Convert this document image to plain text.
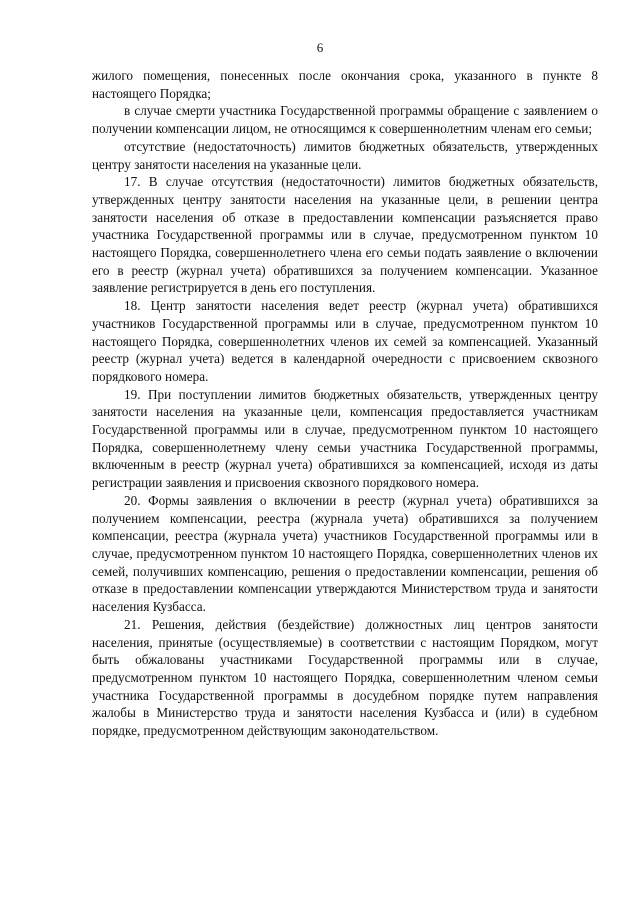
6

жилого помещения, понесенных после окончания срока, указанного в пункте 8 настоящего Порядка;

в случае смерти участника Государственной программы обращение с заявлением о получении компенсации лицом, не относящимся к совершеннолетним членам его семьи;

отсутствие (недостаточность) лимитов бюджетных обязательств, утвержденных центру занятости населения на указанные цели.

17. В случае отсутствия (недостаточности) лимитов бюджетных обязательств, утвержденных центру занятости населения на указанные цели, в решении центра занятости населения об отказе в предоставлении компенсации разъясняется право участника Государственной программы или в случае, предусмотренном пунктом 10 настоящего Порядка, совершеннолетнего члена его семьи подать заявление о включении его в реестр (журнал учета) обратившихся за получением компенсации. Указанное заявление регистрируется в день его поступления.

18. Центр занятости населения ведет реестр (журнал учета) обратившихся участников Государственной программы или в случае, предусмотренном пунктом 10 настоящего Порядка, совершеннолетних членов их семей за компенсацией. Указанный реестр (журнал учета) ведется в календарной очередности с присвоением сквозного порядкового номера.

19. При поступлении лимитов бюджетных обязательств, утвержденных центру занятости населения на указанные цели, компенсация предоставляется участникам Государственной программы или в случае, предусмотренном пунктом 10 настоящего Порядка, совершеннолетнему члену семьи участника Государственной программы, включенным в реестр (журнал учета) обратившихся за компенсацией, исходя из даты регистрации заявления и присвоения сквозного порядкового номера.

20. Формы заявления о включении в реестр (журнал учета) обратившихся за получением компенсации, реестра (журнала учета) обратившихся за получением компенсации, реестра (журнала учета) участников Государственной программы или в случае, предусмотренном пунктом 10 настоящего Порядка, совершеннолетних членов их семей, получивших компенсацию, решения о предоставлении компенсации, решения об отказе в предоставлении компенсации утверждаются Министерством труда и занятости населения Кузбасса.

21. Решения, действия (бездействие) должностных лиц центров занятости населения, принятые (осуществляемые) в соответствии с настоящим Порядком, могут быть обжалованы участниками Государственной программы или в случае, предусмотренном пунктом 10 настоящего Порядка, совершеннолетним членом семьи участника Государственной программы в досудебном порядке путем направления жалобы в Министерство труда и занятости населения Кузбасса и (или) в судебном порядке, предусмотренном действующим законодательством.
